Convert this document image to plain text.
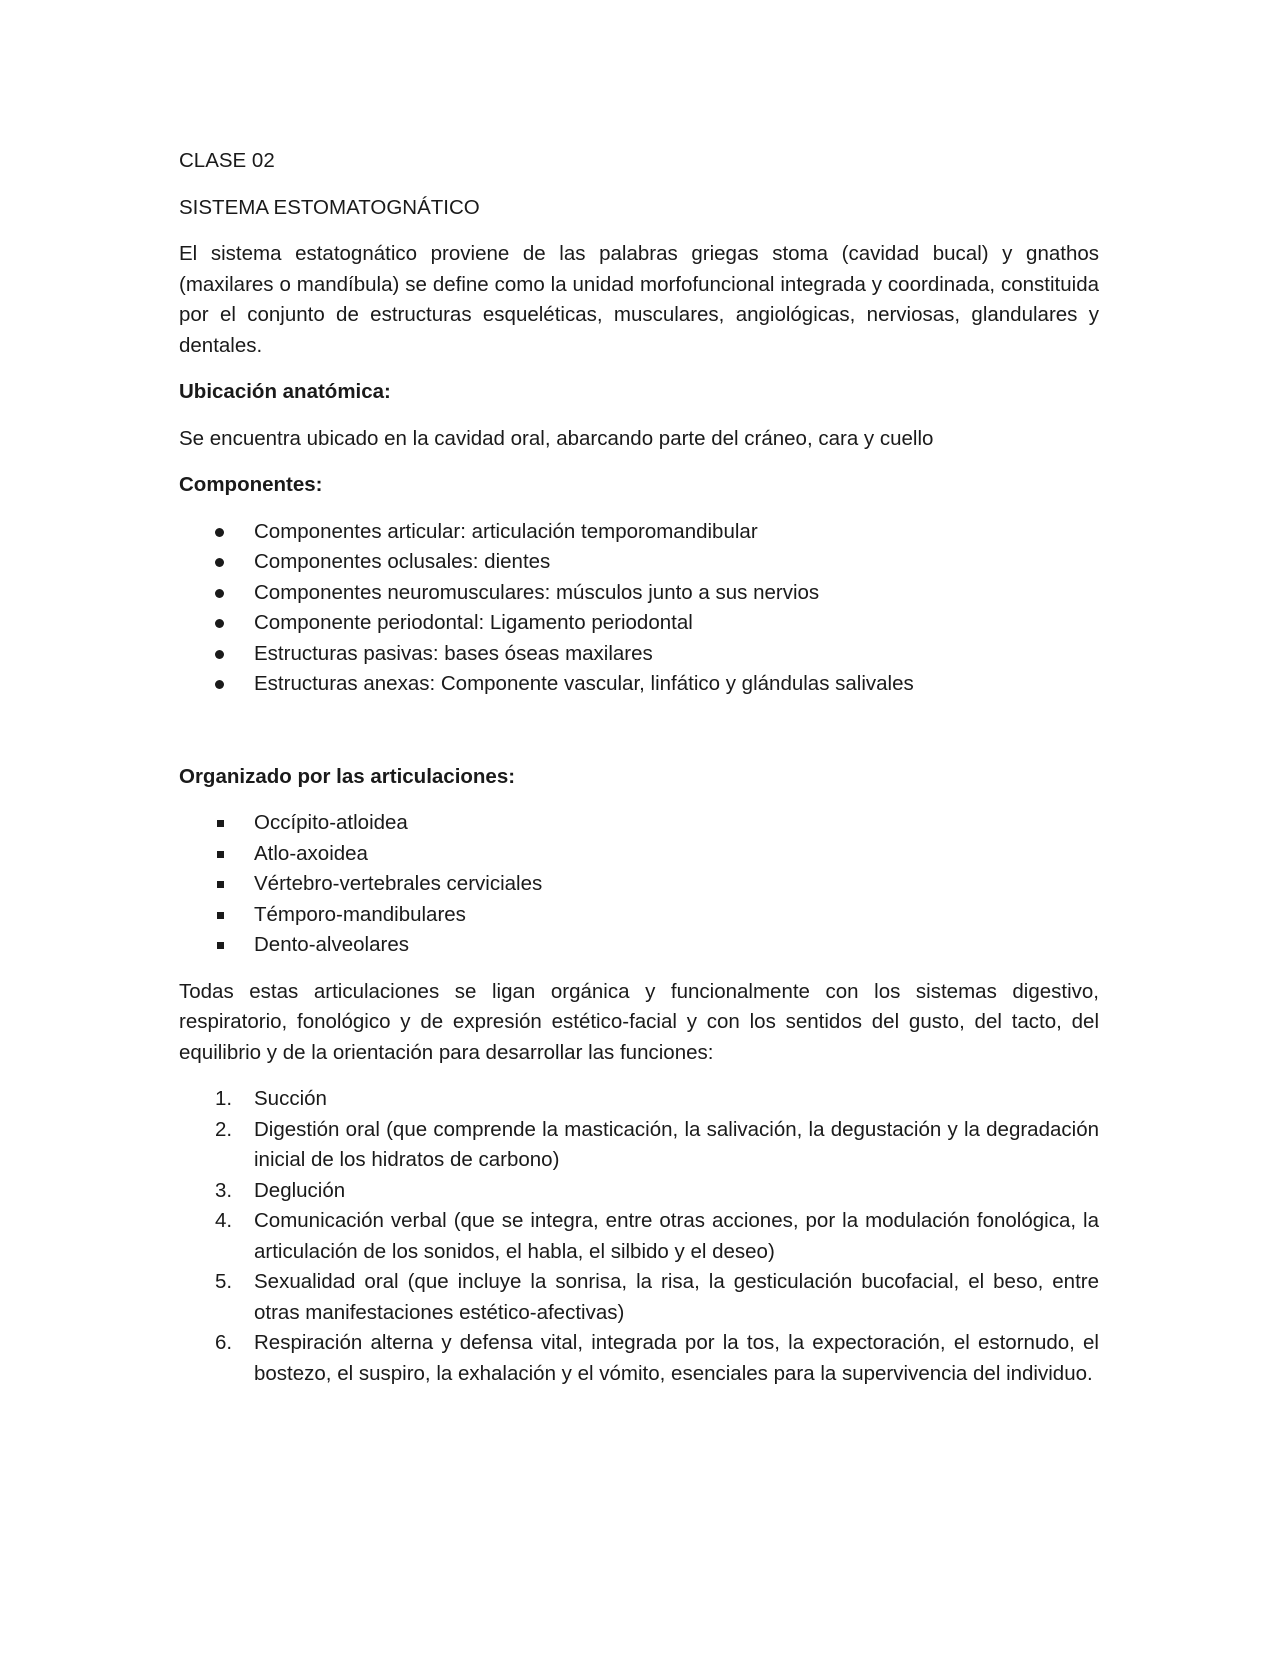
CLASE 02

SISTEMA ESTOMATOGNÁTICO

El sistema estatognático proviene de las palabras griegas stoma (cavidad bucal) y gnathos (maxilares o mandíbula) se define como la unidad morfofuncional integrada y coordinada, constituida por el conjunto de estructuras esqueléticas, musculares, angiológicas, nerviosas, glandulares y dentales.

Ubicación anatómica:

Se encuentra ubicado en la cavidad oral, abarcando parte del cráneo, cara y cuello

Componentes:

Componentes articular: articulación temporomandibular
Componentes oclusales: dientes
Componentes neuromusculares: músculos junto a sus nervios
Componente periodontal: Ligamento periodontal
Estructuras pasivas: bases óseas maxilares
Estructuras anexas: Componente vascular, linfático y glándulas salivales

Organizado por las articulaciones:

Occípito-atloidea
Atlo-axoidea
Vértebro-vertebrales cerviciales
Témporo-mandibulares
Dento-alveolares

Todas estas articulaciones se ligan orgánica y funcionalmente con los sistemas digestivo, respiratorio, fonológico y de expresión estético-facial y con los sentidos del gusto, del tacto, del equilibrio y de la orientación para desarrollar las funciones:

1. Succión
2. Digestión oral (que comprende la masticación, la salivación, la degustación y la degradación inicial de los hidratos de carbono)
3. Deglución
4. Comunicación verbal (que se integra, entre otras acciones, por la modulación fonológica, la articulación de los sonidos, el habla, el silbido y el deseo)
5. Sexualidad oral (que incluye la sonrisa, la risa, la gesticulación bucofacial, el beso, entre otras manifestaciones estético-afectivas)
6. Respiración alterna y defensa vital, integrada por la tos, la expectoración, el estornudo, el bostezo, el suspiro, la exhalación y el vómito, esenciales para la supervivencia del individuo.
